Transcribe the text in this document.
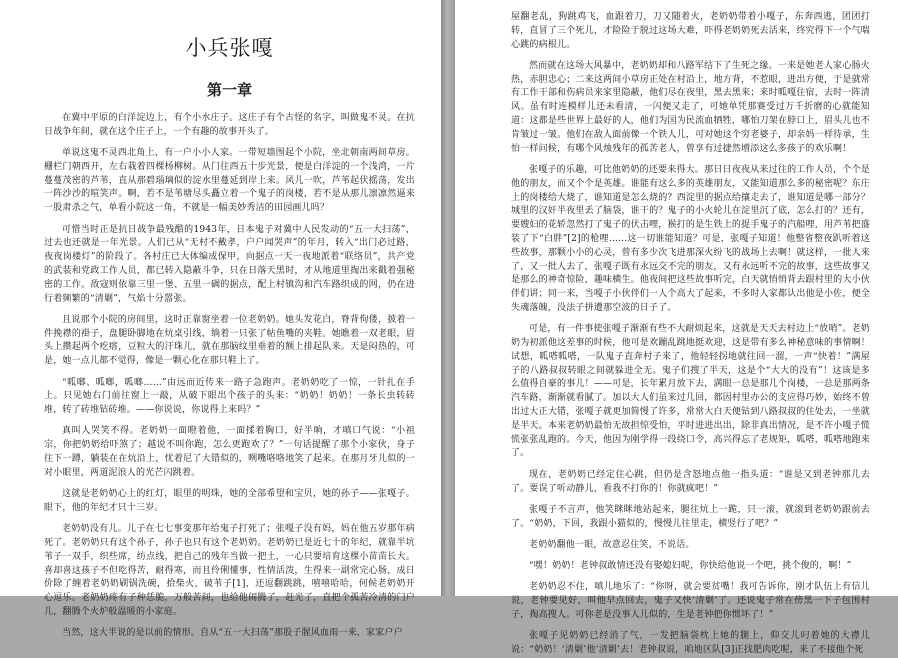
小兵张嘎
第一章

在冀中平原的白洋淀边上，有个小水庄子。这庄子有个古怪的名字，叫做鬼不灵。在抗日战争年间，就在这个庄子上，一个有趣的故事开头了。

单说这鬼不灵西北角上，有一户小小人家。一带短墙围起个小院，坐北朝南两间草房。栅栏门朝西开，左右栽着四棵杨柳树。从门往西五十步光景，便是白洋淀的一个浅湾，一片蔓蔓茂密的芦苇，直从那碧瑙璃似的淀水里蔓延到岸上来。风儿一吹，芦苇起伏摇荡，发出一阵沙沙的喧笑声。啊，若不是苇塘尽头矗立着一个鬼子的岗楼，若不是从那儿凛凛然逼来一股肃杀之气，单看小院这一角，不就是一幅美妙秀洁的田园画儿吗？

可惜当时正是抗日战争最残酷的1943年，日本鬼子对冀中人民发动的“五一大扫荡”，过去也还就是一年光景。人们已从“无村不戴孝，户户闻哭声”的年月，转入“出门必过路，夜夜岗楼灯”的阶段了。各村庄已大体编成保甲，向据点一天一夜地派着“联络员”，共产党的武装和党政工作人员，都已转入隐蔽斗争，只在日落天黑时，才从地道里掏出来戳着强秘密的工作。敌寇则依靠三里一堡、五里一碉的据点，配上村镇沟和汽车路织成的网，仍在进行着频繁的“清剿”，气焰十分嚣张。

且说那个小院的房间里，这时正靠窗坐着一位老奶奶。她头发花白，脊背佝偻，披着一件挽襟的褂子，盘腿卧脚地在炕桌引线，绱着一只张了帖鱼嘴的夹鞋。她瞧着一双老眼，眉头上攒起两个疙瘩，豆粒大的汗珠儿，就在那脑纹里垂着的额上排起队来。天是闷热的，可是，她一点儿都不觉得，像是一颗心化在那只鞋上了。

“呱啷、呱啷，呱啷……”由远而近传来一路子急跑声。老奶奶吃了一惊，一针扎在手上。只见她右门前往窗上一敲，从破下眼出个孩子的头来：“奶奶！奶奶！一条长虫转砖堆，转了砖堆钻砖堆。——你说说，你说得上来吗？”

真叫人哭笑不得。老奶奶一面瞪着他，一面揉着胸口，好半晌，才嗔口气说：“小祖宗，你把奶奶给吓煞了；越说不叫你跑，怎么更跑欢了？”一句话提醒了那个小家伙，身子往下一蹲，躺装在在炕沿上，忧着尼了大错似的，咧嘴咯咯地笑了起来。在那月牙儿似的一对小眼里，两道泥浪人的光芒闪跳着。

这就是老奶奶心上的红灯，眼里的明珠，她的全部希望和宝贝，她的孙子——张嘎子。眼下，他的年纪才只十三岁。

老奶奶没有儿。儿子在七七事变那年给鬼子打死了；张嘎子没有妈，妈在他五岁那年病死了。老奶奶只有这个孙子，孙子也只有这个老奶奶。老奶奶已是近七十的年纪，就靠半坑苇子一双手，织些席，纺点线，把自己的残年当做一把土，一心只要培育这棵小苗苗长大。喜却喜这孩子不但吃得苦，耐得寒，而且伶俐懂事，性情活泼，生得来一副常完心肠，成日价除了缠着老奶奶刷锅洗碗，拾柴火，破苇子[1]，还逗翻跳跳，嘻嘻哈哈，何候老奶奶开心逗乐。老奶奶疼有子种恁脆，万般苦间，也给他闹腾了，赶光了，直把个孤苦冷清的门户儿，翻腾个火炉般温暖的小家庭。

当然，这大半说的是以前的情形。自从“五一大扫荡”那股子腥风血雨一来，家家户户

屋翻老乱，狗跳鸡飞，血跟着刀，刀又随着火，老奶奶带着小嘎子，东奔西逃，团团打转，直冒了三个死儿，才险险于脱过这场大难，吓得老奶奶死去活来，终究得下一个气喘心跳的病根儿。

然而就在这场大风暴中，老奶奶却和八路军结下了生死之缘。一来是她老人家心肠火热，赤胆忠心；二来这两间小草房正处在村沿上，地方背，不惹眼，进出方便，于是就常有工作干部和伤病员来家里隐蔽，他们尽在夜里，黑去黑来；来时呱嘎住宿，去时一阵清风。虽有时连模样儿还未看清，一闪便又走了，可她单凭那赛受过万千折磨的心就能知道：这都是些世界上最好的人，他们为国为民流血牺牲，哪怕刀架在脖口上，眉头儿也不肯皱过一皱。他们在敌人面前像一个铁人儿，可对她这个穷老婆子，却亲妈一样待承，生怕一样问候，有哪个风烛残年的孤苦老人，曾享有过捷然增添这么多孩子的欢乐啊！

张嘎子的乐趣，可比他奶奶的还要来得大。那日日夜夜从来过往的工作人员，个个是他的朋友，而又个个是英雄。谁能有这么多的英雄朋友，又能知道那么多的秘密呢？东庄上的岗楼给大烧了，谁知道是怎么烧的？西淀里的据点给攘走去了，谁知道是哪一部分？城里的汉奸半夜里丢了脑袋，谁干的？鬼子的小火轮儿在淀里沉了底，怎么打的？还有，要嫂妇的花轿忽然打了鬼子的伏击哩，猴打的是生铁上的捉手鬼子的汽船哩，用芦苇把盛装了下“白胖”[2]的枪哩……这一切谁能知道？可是，张嘎子知道！他整省整夜趴听着这些故事，那颗小小的心灵，曾有多少次飞进那深火纷飞的战场上去啊！就这样，一批人来了，又一批人去了，张嘎子既有永远交不完的朋友，又有永远听不完的故事，这些故事又是那么的神奇惊险，趣味横生。他夜间把这些故事听完，白天就悄悄背去跟村里的大小伙伴们讲；同一来，当嘎子小伙伴们一人个高大了起来，不多时人家都认出他是小佐，便全失魂落魄，没法子拼遭那空波的日子了。

可是，有一件事使张嘎子渐渐有些不大耐烦起来，这就是天天去村边上“放哨”。老奶奶为初派他这差事的时候，他可是欢蹦乱跳地挺欢迎，这是带有多么神秘意味的事情啊！试想，呱嗒呱嗒，一队鬼子直奔村子来了，他轻轻拐地就往回一溜，一声“快着！”满屋子的八路叔叔转眼之间就躲进全无。鬼子们搜了半天，这是个“大大的没有”！这该是多么值得自豪的事儿！——可是，长年累月放下去，满眼一总是那几个岗楼，一总是那两条汽车路，渐渐就看腻了。加以大人们虽来过几回，都因村里办公的支应得巧妙，始终不曾出过大正大错，张嘎子就更加简慢了许多，常常大白天便钻到八路叔叔的住处去，一坐就是半天。本来老奶奶最怕无故担惊受怕，平时进进出出，除非真出情况，是不许小嘎子慌慌张张乱跑的。今天，他因为刚学得一段绕口令，高兴得忘了老规矩，呱嗒，呱嗒地跑来了。

现在，老奶奶已经定住心跳，但仍是含怒地点他一指头道：“谁是又到老钟那儿去了。要误了听动静儿，看我不打你的！你就疯吧！”

张嘎子不言声，他笑眯眯地站起来，腿往炕上一跪，只一滚，就滚到老奶奶跟前去了。“奶奶，下回，我跟小猫似的，慢慢儿往里走，横竖行了吧？”

老奶奶翻他一眼，故意忍住笑，不说话。

“嘿！奶奶！老钟叔敢情还没有娶媳妇呢，你快给他说一个吧，挑个俊的，啊！”

老奶奶忍不住，嗔儿地乐了：“你呀，就会要贫嘴！我可告诉你，刚才队伍上有信儿说，老钟要见好，叫他早点回去，鬼子又快‘清剿’了。还说鬼子常在傍黑一下子包围村子，掏高搜人。可你老是没事人儿似的，生是老钟把你惯坏了！”

张嘎子见奶奶已经消了气，一发把脑袋枕上她的腿上，仰交儿叼着她的大襟儿说：“奶奶！‘清剿’他‘清剿’去！老钟叔说，咱地区队[3]正找肥肉吃呢，来了不接他个死
